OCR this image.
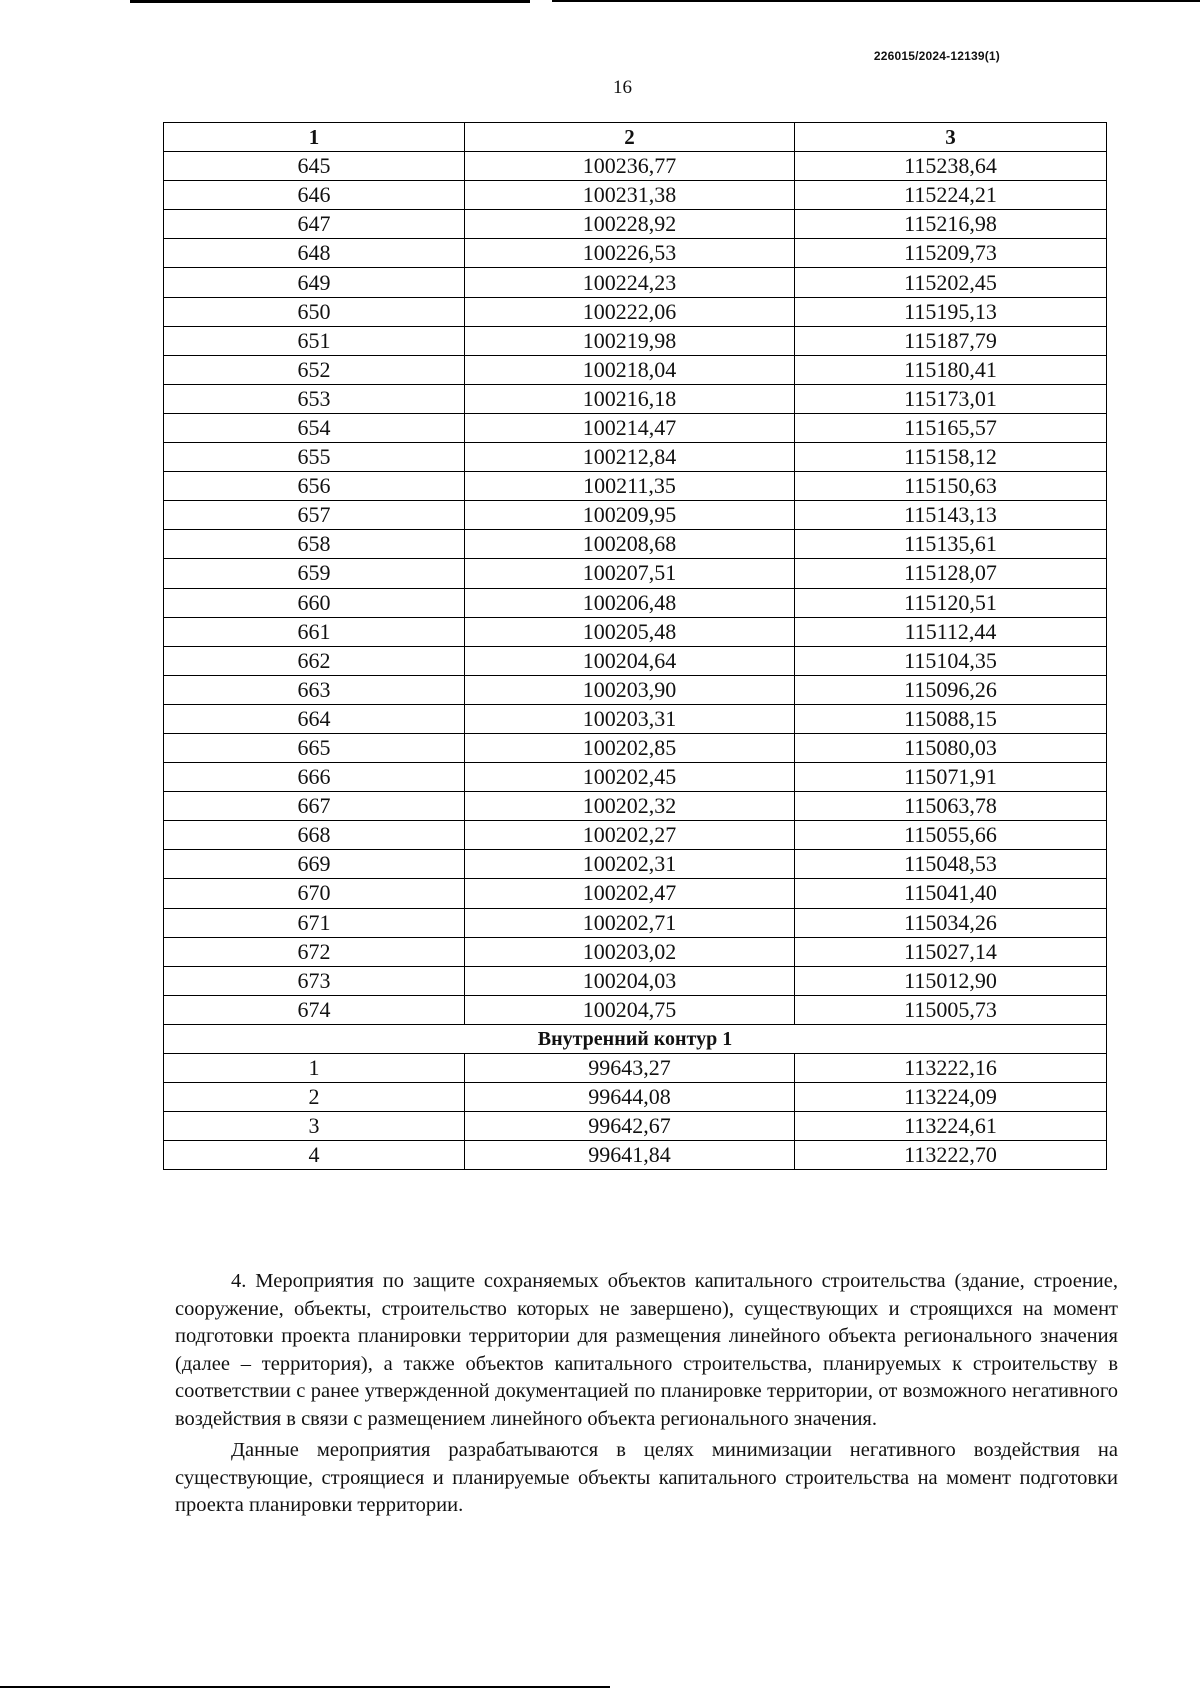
226015/2024-12139(1)
16
1	2	3
645	100236,77	115238,64
646	100231,38	115224,21
647	100228,92	115216,98
648	100226,53	115209,73
649	100224,23	115202,45
650	100222,06	115195,13
651	100219,98	115187,79
652	100218,04	115180,41
653	100216,18	115173,01
654	100214,47	115165,57
655	100212,84	115158,12
656	100211,35	115150,63
657	100209,95	115143,13
658	100208,68	115135,61
659	100207,51	115128,07
660	100206,48	115120,51
661	100205,48	115112,44
662	100204,64	115104,35
663	100203,90	115096,26
664	100203,31	115088,15
665	100202,85	115080,03
666	100202,45	115071,91
667	100202,32	115063,78
668	100202,27	115055,66
669	100202,31	115048,53
670	100202,47	115041,40
671	100202,71	115034,26
672	100203,02	115027,14
673	100204,03	115012,90
674	100204,75	115005,73
Внутренний контур 1		
1	99643,27	113222,16
2	99644,08	113224,09
3	99642,67	113224,61
4	99641,84	113222,70

4. Мероприятия по защите сохраняемых объектов капитального строительства (здание, строение, сооружение, объекты, строительство которых не завершено), существующих и строящихся на момент подготовки проекта планировки территории для размещения линейного объекта регионального значения (далее – территория), а также объектов капитального строительства, планируемых к строительству в соответствии с ранее утвержденной документацией по планировке территории, от возможного негативного воздействия в связи с размещением линейного объекта регионального значения.

Данные мероприятия разрабатываются в целях минимизации негативного воздействия на существующие, строящиеся и планируемые объекты капитального строительства на момент подготовки проекта планировки территории.
